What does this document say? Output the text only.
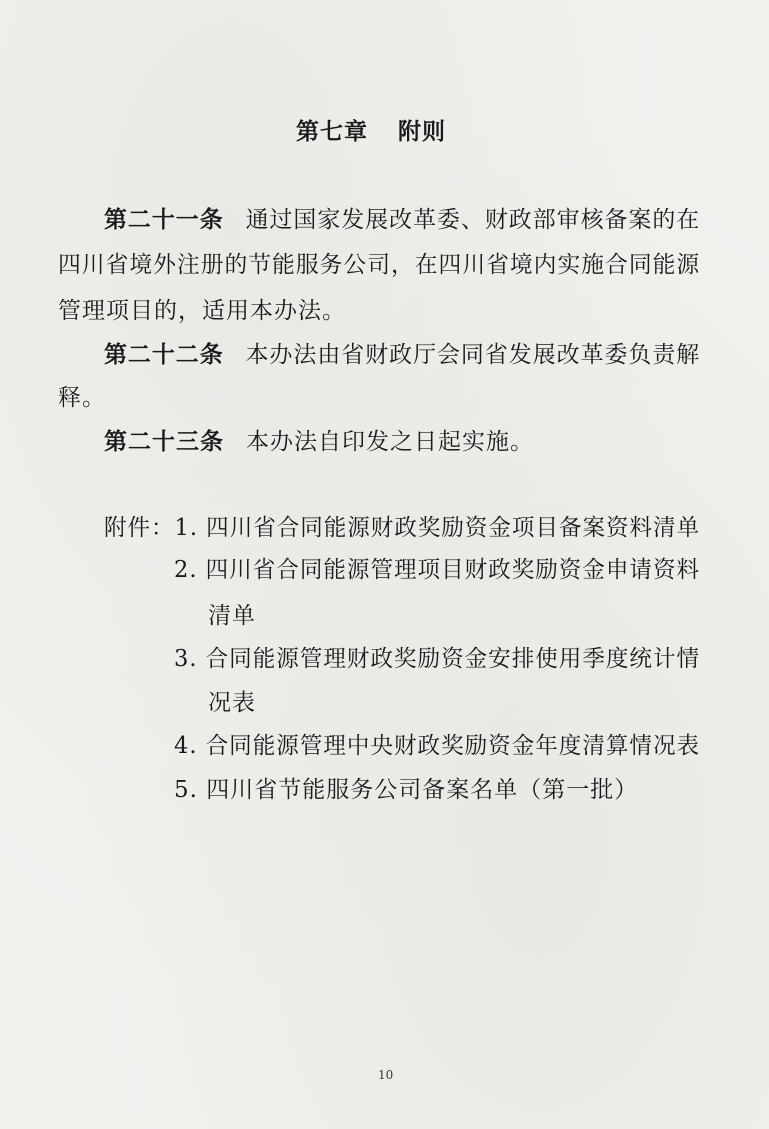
第七章 附则
第二十一条 通过国家发展改革委、财政部审核备案的在
四川省境外注册的节能服务公司，在四川省境内实施合同能源
管理项目的，适用本办法。
第二十二条 本办法由省财政厅会同省发展改革委负责解
释。
第二十三条 本办法自印发之日起实施。
附件：1. 四川省合同能源财政奖励资金项目备案资料清单
2. 四川省合同能源管理项目财政奖励资金申请资料
清单
3. 合同能源管理财政奖励资金安排使用季度统计情
况表
4. 合同能源管理中央财政奖励资金年度清算情况表
5. 四川省节能服务公司备案名单（第一批）
10
